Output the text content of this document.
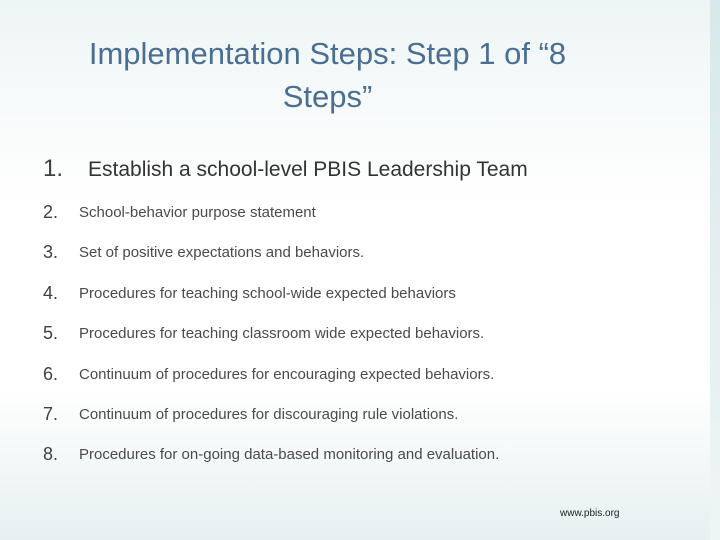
Implementation Steps: Step 1 of “8 Steps”
1. Establish a school-level PBIS Leadership Team
2. School-behavior purpose statement
3. Set of positive expectations and behaviors.
4. Procedures for teaching school-wide expected behaviors
5. Procedures for teaching classroom wide expected behaviors.
6. Continuum of procedures for encouraging expected behaviors.
7. Continuum of procedures for discouraging rule violations.
8. Procedures for on-going data-based monitoring and evaluation.
www.pbis.org
